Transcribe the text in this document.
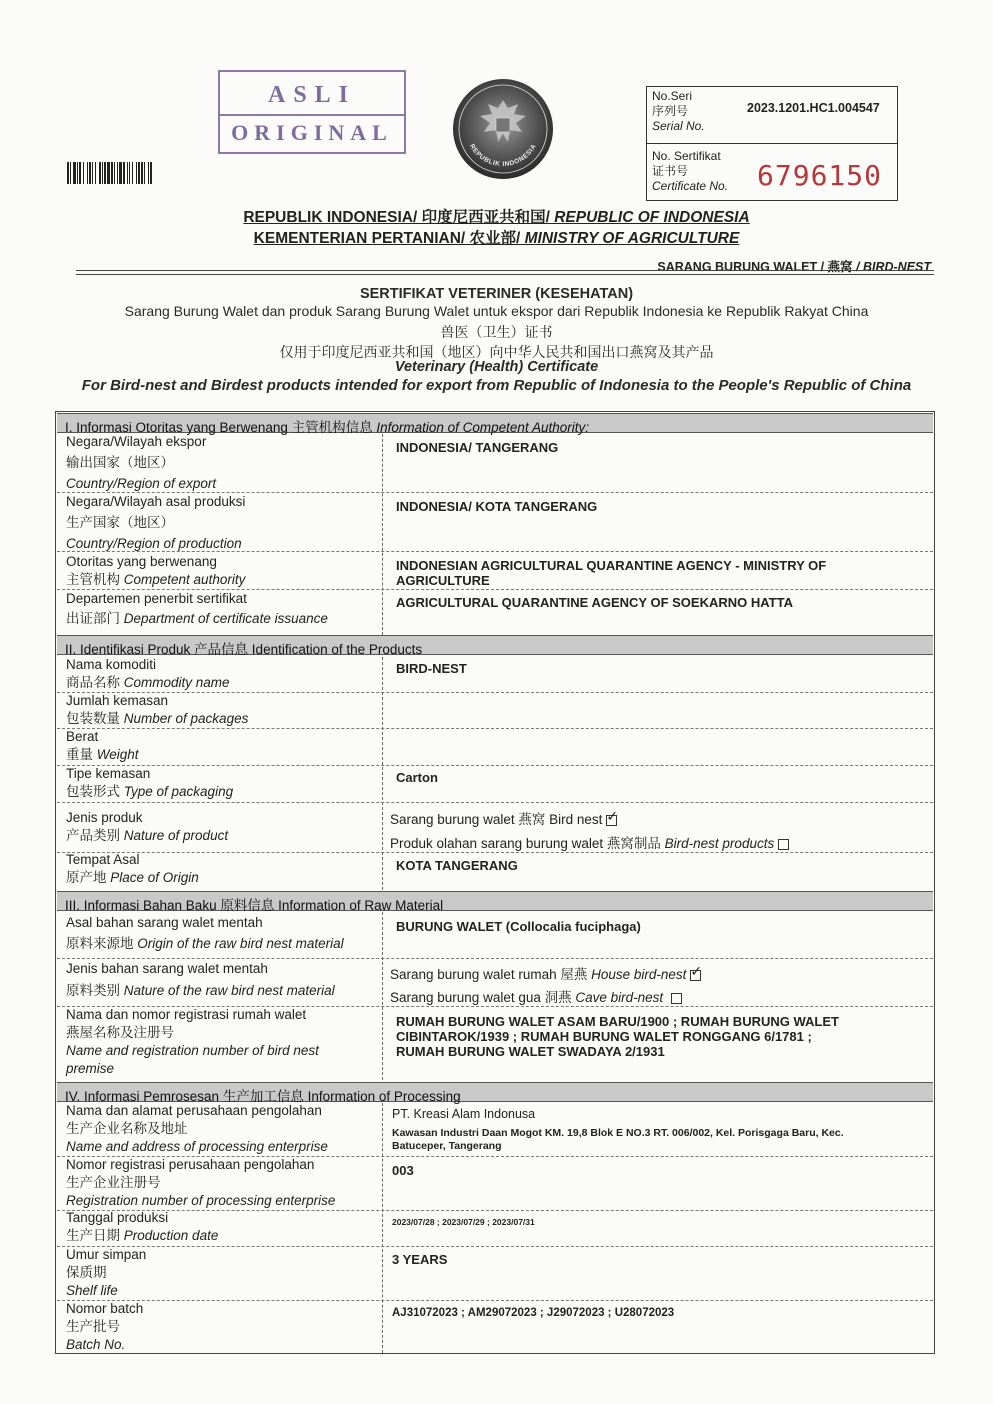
ASLI
ORIGINAL
REPUBLIK INDONESIA
No.Seri
序列号
Serial No.
2023.1201.HC1.004547
No. Sertifikat
证书号
Certificate No. 6796150
REPUBLIK INDONESIA/ 印度尼西亚共和国/ REPUBLIC OF INDONESIA
KEMENTERIAN PERTANIAN/ 农业部/ MINISTRY OF AGRICULTURE
SARANG BURUNG WALET / 燕窝 / BIRD-NEST
SERTIFIKAT VETERINER (KESEHATAN)
Sarang Burung Walet dan produk Sarang Burung Walet untuk ekspor dari Republik Indonesia ke Republik Rakyat China
兽医（卫生）证书
仅用于印度尼西亚共和国（地区）向中华人民共和国出口燕窝及其产品
Veterinary (Health) Certificate
For Bird-nest and Birdest products intended for export from Republic of Indonesia to the People's Republic of China
I. Informasi Otoritas yang Berwenang 主管机构信息 Information of Competent Authority:
Negara/Wilayah ekspor
输出国家（地区）
Country/Region of export
INDONESIA/ TANGERANG
Negara/Wilayah asal produksi
生产国家（地区）
Country/Region of production
INDONESIA/ KOTA TANGERANG
Otoritas yang berwenang
主管机构 Competent authority
INDONESIAN AGRICULTURAL QUARANTINE AGENCY - MINISTRY OF
AGRICULTURE
Departemen penerbit sertifikat
出证部门 Department of certificate issuance
AGRICULTURAL QUARANTINE AGENCY OF SOEKARNO HATTA
II. Identifikasi Produk 产品信息 Identification of the Products
Nama komoditi
商品名称 Commodity name
BIRD-NEST
Jumlah kemasan
包装数量 Number of packages
Berat
重量 Weight
Tipe kemasan
包装形式 Type of packaging
Carton
Jenis produk
产品类别 Nature of product
Sarang burung walet 燕窝 Bird nest✓
Produk olahan sarang burung walet 燕窝制品 Bird-nest products
Tempat Asal
原产地 Place of Origin
KOTA TANGERANG
III. Informasi Bahan Baku 原料信息 Information of Raw Material
Asal bahan sarang walet mentah
原料来源地 Origin of the raw bird nest material
BURUNG WALET (Collocalia fuciphaga)
Jenis bahan sarang walet mentah
原料类别 Nature of the raw bird nest material
Sarang burung walet rumah 屋燕 House bird-nest✓
Sarang burung walet gua 洞燕 Cave bird-nest
Nama dan nomor registrasi rumah walet
燕屋名称及注册号
Name and registration number of bird nest
premise
RUMAH BURUNG WALET ASAM BARU/1900 ; RUMAH BURUNG WALET
CIBINTAROK/1939 ; RUMAH BURUNG WALET RONGGANG 6/1781 ;
RUMAH BURUNG WALET SWADAYA 2/1931
IV. Informasi Pemrosesan 生产加工信息 Information of Processing
Nama dan alamat perusahaan pengolahan
生产企业名称及地址
Name and address of processing enterprise
PT. Kreasi Alam Indonusa
Kawasan Industri Daan Mogot KM. 19,8 Blok E NO.3 RT. 006/002, Kel. Porisgaga Baru, Kec.
Batuceper, Tangerang
Nomor registrasi perusahaan pengolahan
生产企业注册号
Registration number of processing enterprise
003
Tanggal produksi
生产日期 Production date
2023/07/28 ; 2023/07/29 ; 2023/07/31
Umur simpan
保质期
Shelf life
3 YEARS
Nomor batch
生产批号
Batch No.
AJ31072023 ; AM29072023 ; J29072023 ; U28072023
